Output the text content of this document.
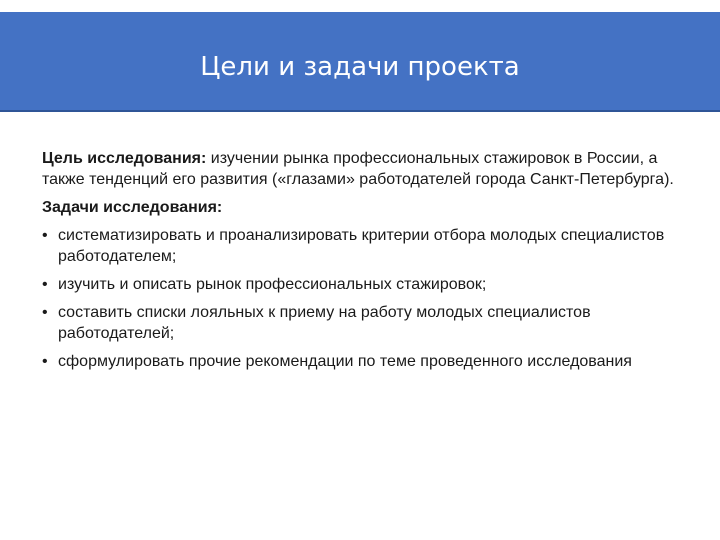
Цели и задачи проекта

Цель исследования: изучении рынка профессиональных стажировок в России, а также тенденций его развития («глазами» работодателей города Санкт-Петербурга).

Задачи исследования:

• систематизировать и проанализировать критерии отбора молодых специалистов работодателем;
• изучить и описать рынок профессиональных стажировок;
• составить списки лояльных к приему на работу молодых специалистов работодателей;
• сформулировать прочие рекомендации по теме проведенного исследования
